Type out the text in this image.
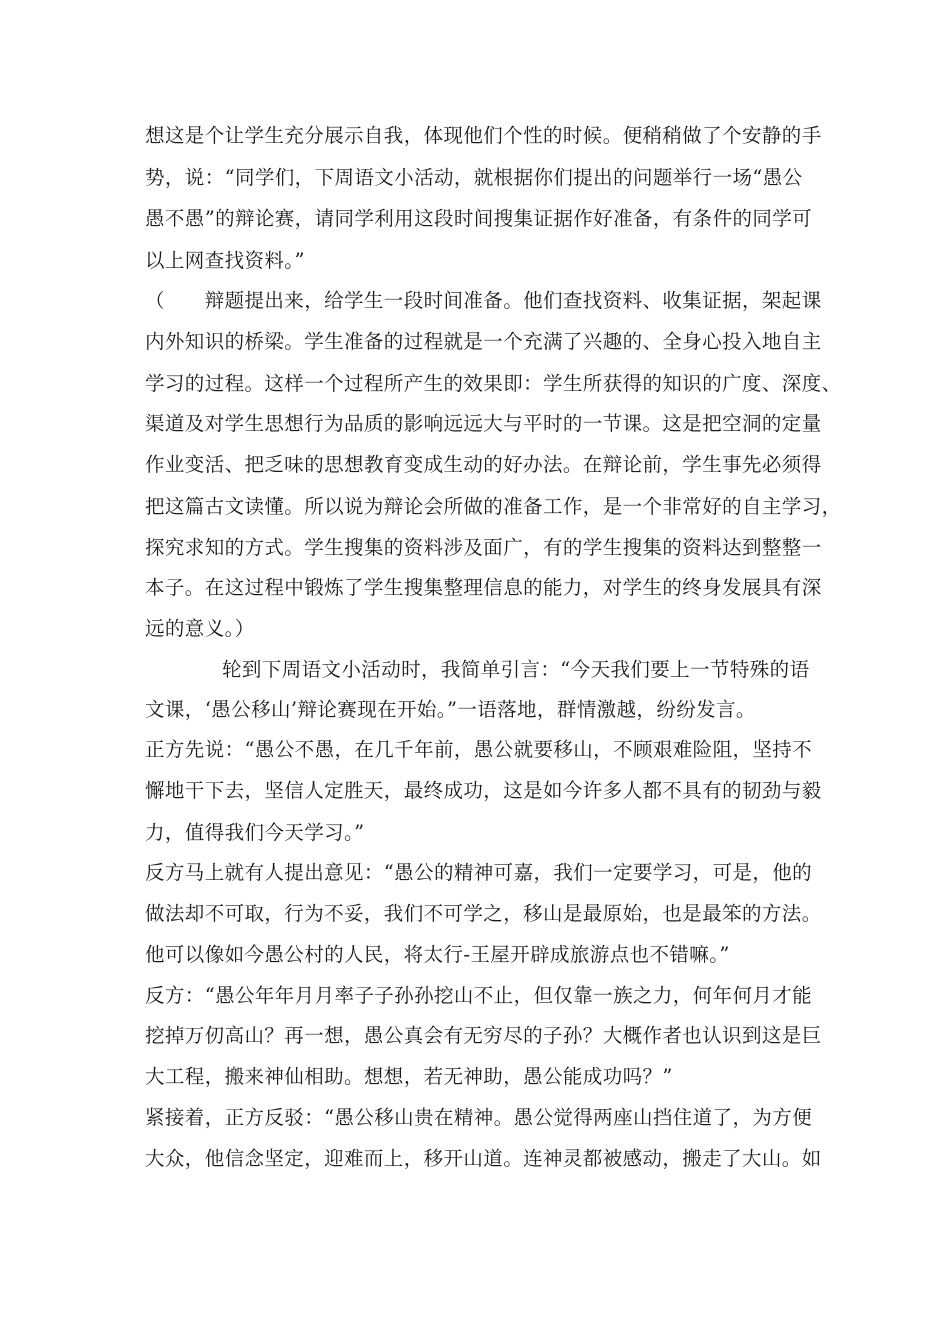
想这是个让学生充分展示自我，体现他们个性的时候。便稍稍做了个安静的手
势，说：“同学们，下周语文小活动，就根据你们提出的问题举行一场“愚公
愚不愚”的辩论赛，请同学利用这段时间搜集证据作好准备，有条件的同学可
以上网查找资料。”
（　　辩题提出来，给学生一段时间准备。他们查找资料、收集证据，架起课
内外知识的桥梁。学生准备的过程就是一个充满了兴趣的、全身心投入地自主
学习的过程。这样一个过程所产生的效果即：学生所获得的知识的广度、深度、
渠道及对学生思想行为品质的影响远远大与平时的一节课。这是把空洞的定量
作业变活、把乏味的思想教育变成生动的好办法。在辩论前，学生事先必须得
把这篇古文读懂。所以说为辩论会所做的准备工作，是一个非常好的自主学习，
探究求知的方式。学生搜集的资料涉及面广，有的学生搜集的资料达到整整一
本子。在这过程中锻炼了学生搜集整理信息的能力，对学生的终身发展具有深
远的意义。）
轮到下周语文小活动时，我简单引言：“今天我们要上一节特殊的语
文课，‘愚公移山’辩论赛现在开始。”一语落地，群情激越，纷纷发言。
正方先说：“愚公不愚，在几千年前，愚公就要移山，不顾艰难险阻，坚持不
懈地干下去，坚信人定胜天，最终成功，这是如今许多人都不具有的韧劲与毅
力，值得我们今天学习。”
反方马上就有人提出意见：“愚公的精神可嘉，我们一定要学习，可是，他的
做法却不可取，行为不妥，我们不可学之，移山是最原始，也是最笨的方法。
他可以像如今愚公村的人民，将太行-王屋开辟成旅游点也不错嘛。”
反方：“愚公年年月月率子子孙孙挖山不止，但仅靠一族之力，何年何月才能
挖掉万仞高山？再一想，愚公真会有无穷尽的子孙？大概作者也认识到这是巨
大工程，搬来神仙相助。想想，若无神助，愚公能成功吗？”
紧接着，正方反驳：“愚公移山贵在精神。愚公觉得两座山挡住道了，为方便
大众，他信念坚定，迎难而上，移开山道。连神灵都被感动，搬走了大山。如
